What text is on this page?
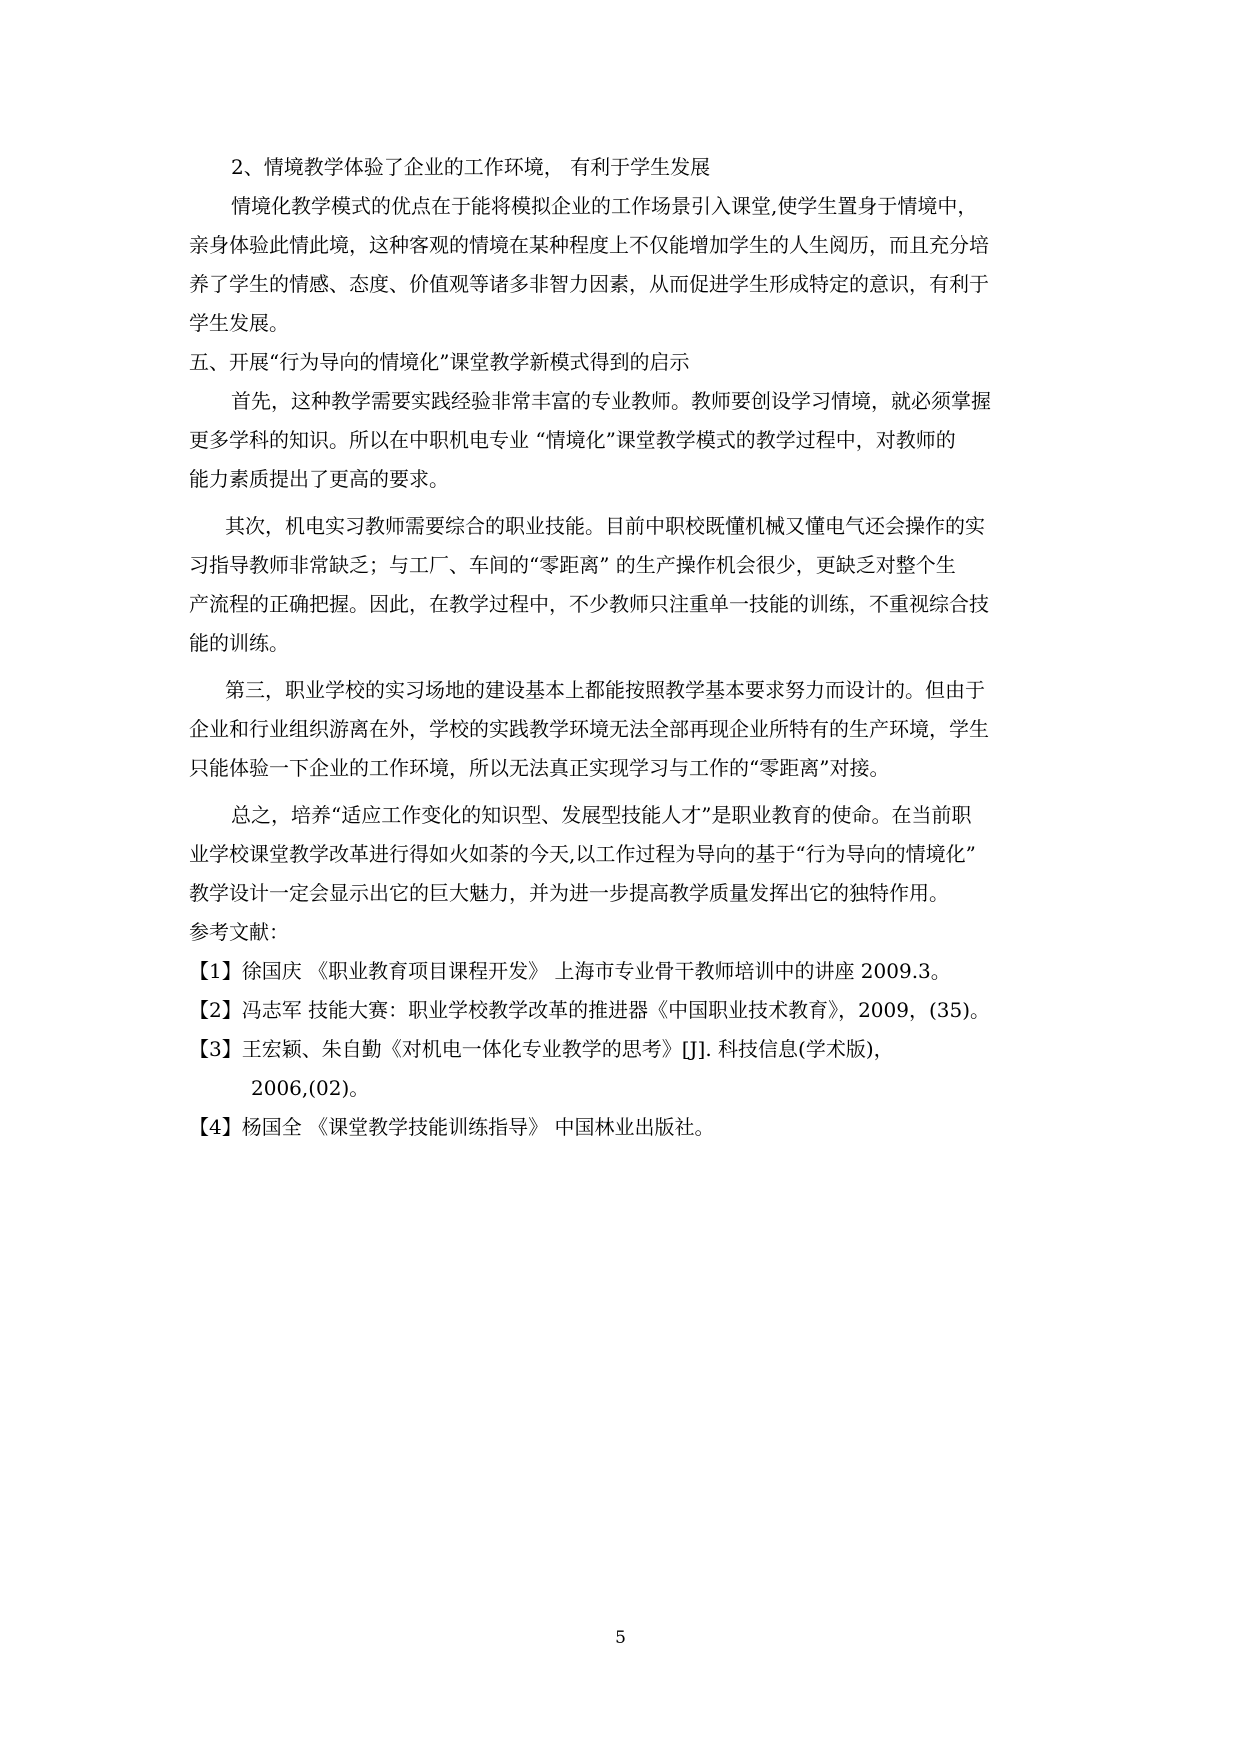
2、情境教学体验了企业的工作环境， 有利于学生发展
情境化教学模式的优点在于能将模拟企业的工作场景引入课堂,使学生置身于情境中，
亲身体验此情此境，这种客观的情境在某种程度上不仅能增加学生的人生阅历，而且充分培
养了学生的情感、态度、价值观等诸多非智力因素，从而促进学生形成特定的意识，有利于
学生发展。
五、开展“行为导向的情境化”课堂教学新模式得到的启示
首先，这种教学需要实践经验非常丰富的专业教师。教师要创设学习情境，就必须掌握
更多学科的知识。所以在中职机电专业 “情境化”课堂教学模式的教学过程中，对教师的
能力素质提出了更高的要求。
其次，机电实习教师需要综合的职业技能。目前中职校既懂机械又懂电气还会操作的实
习指导教师非常缺乏；与工厂、车间的“零距离” 的生产操作机会很少，更缺乏对整个生
产流程的正确把握。因此，在教学过程中，不少教师只注重单一技能的训练，不重视综合技
能的训练。
第三，职业学校的实习场地的建设基本上都能按照教学基本要求努力而设计的。但由于
企业和行业组织游离在外，学校的实践教学环境无法全部再现企业所特有的生产环境，学生
只能体验一下企业的工作环境，所以无法真正实现学习与工作的“零距离”对接。
总之，培养“适应工作变化的知识型、发展型技能人才”是职业教育的使命。在当前职
业学校课堂教学改革进行得如火如荼的今天,以工作过程为导向的基于“行为导向的情境化”
教学设计一定会显示出它的巨大魅力，并为进一步提高教学质量发挥出它的独特作用。
参考文献：
【1】徐国庆 《职业教育项目课程开发》 上海市专业骨干教师培训中的讲座 2009.3。
【2】冯志军 技能大赛：职业学校教学改革的推进器《中国职业技术教育》，2009，(35)。
【3】王宏颖、朱自勤《对机电一体化专业教学的思考》[J]. 科技信息(学术版)，
2006,(02)。
【4】杨国全 《课堂教学技能训练指导》 中国林业出版社。
5
